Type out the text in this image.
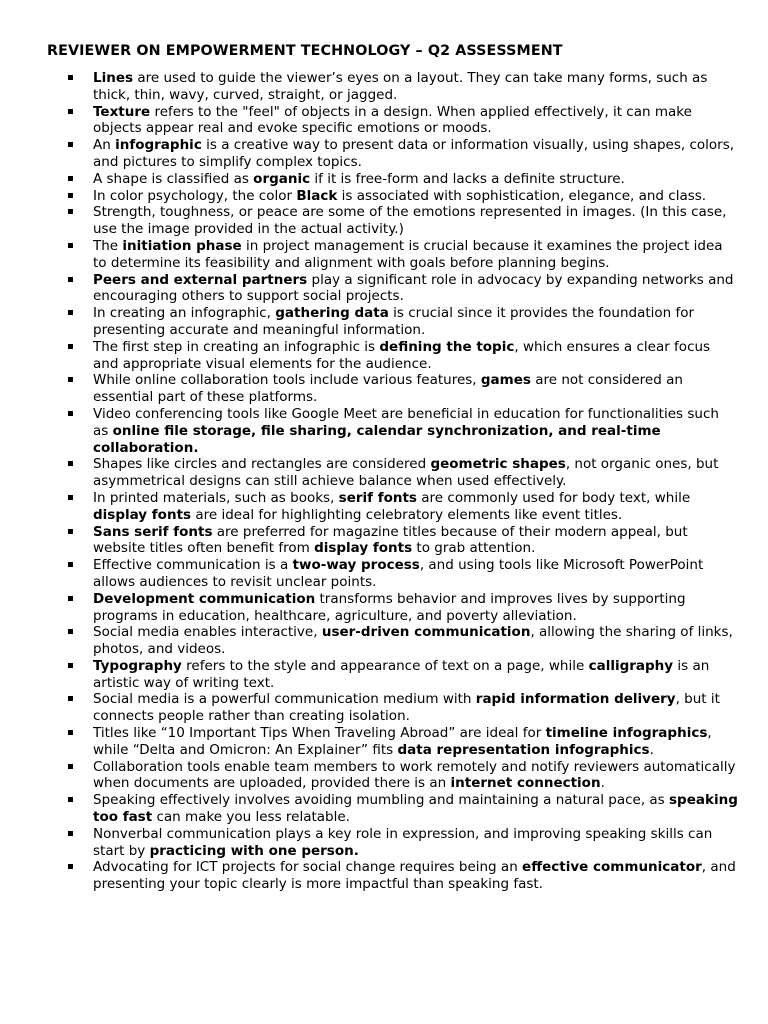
REVIEWER ON EMPOWERMENT TECHNOLOGY – Q2 ASSESSMENT
Lines are used to guide the viewer’s eyes on a layout. They can take many forms, such as thick, thin, wavy, curved, straight, or jagged.
Texture refers to the "feel" of objects in a design. When applied effectively, it can make objects appear real and evoke specific emotions or moods.
An infographic is a creative way to present data or information visually, using shapes, colors, and pictures to simplify complex topics.
A shape is classified as organic if it is free-form and lacks a definite structure.
In color psychology, the color Black is associated with sophistication, elegance, and class.
Strength, toughness, or peace are some of the emotions represented in images. (In this case, use the image provided in the actual activity.)
The initiation phase in project management is crucial because it examines the project idea to determine its feasibility and alignment with goals before planning begins.
Peers and external partners play a significant role in advocacy by expanding networks and encouraging others to support social projects.
In creating an infographic, gathering data is crucial since it provides the foundation for presenting accurate and meaningful information.
The first step in creating an infographic is defining the topic, which ensures a clear focus and appropriate visual elements for the audience.
While online collaboration tools include various features, games are not considered an essential part of these platforms.
Video conferencing tools like Google Meet are beneficial in education for functionalities such as online file storage, file sharing, calendar synchronization, and real-time collaboration.
Shapes like circles and rectangles are considered geometric shapes, not organic ones, but asymmetrical designs can still achieve balance when used effectively.
In printed materials, such as books, serif fonts are commonly used for body text, while display fonts are ideal for highlighting celebratory elements like event titles.
Sans serif fonts are preferred for magazine titles because of their modern appeal, but website titles often benefit from display fonts to grab attention.
Effective communication is a two-way process, and using tools like Microsoft PowerPoint allows audiences to revisit unclear points.
Development communication transforms behavior and improves lives by supporting programs in education, healthcare, agriculture, and poverty alleviation.
Social media enables interactive, user-driven communication, allowing the sharing of links, photos, and videos.
Typography refers to the style and appearance of text on a page, while calligraphy is an artistic way of writing text.
Social media is a powerful communication medium with rapid information delivery, but it connects people rather than creating isolation.
Titles like “10 Important Tips When Traveling Abroad” are ideal for timeline infographics, while “Delta and Omicron: An Explainer” fits data representation infographics.
Collaboration tools enable team members to work remotely and notify reviewers automatically when documents are uploaded, provided there is an internet connection.
Speaking effectively involves avoiding mumbling and maintaining a natural pace, as speaking too fast can make you less relatable.
Nonverbal communication plays a key role in expression, and improving speaking skills can start by practicing with one person.
Advocating for ICT projects for social change requires being an effective communicator, and presenting your topic clearly is more impactful than speaking fast.
